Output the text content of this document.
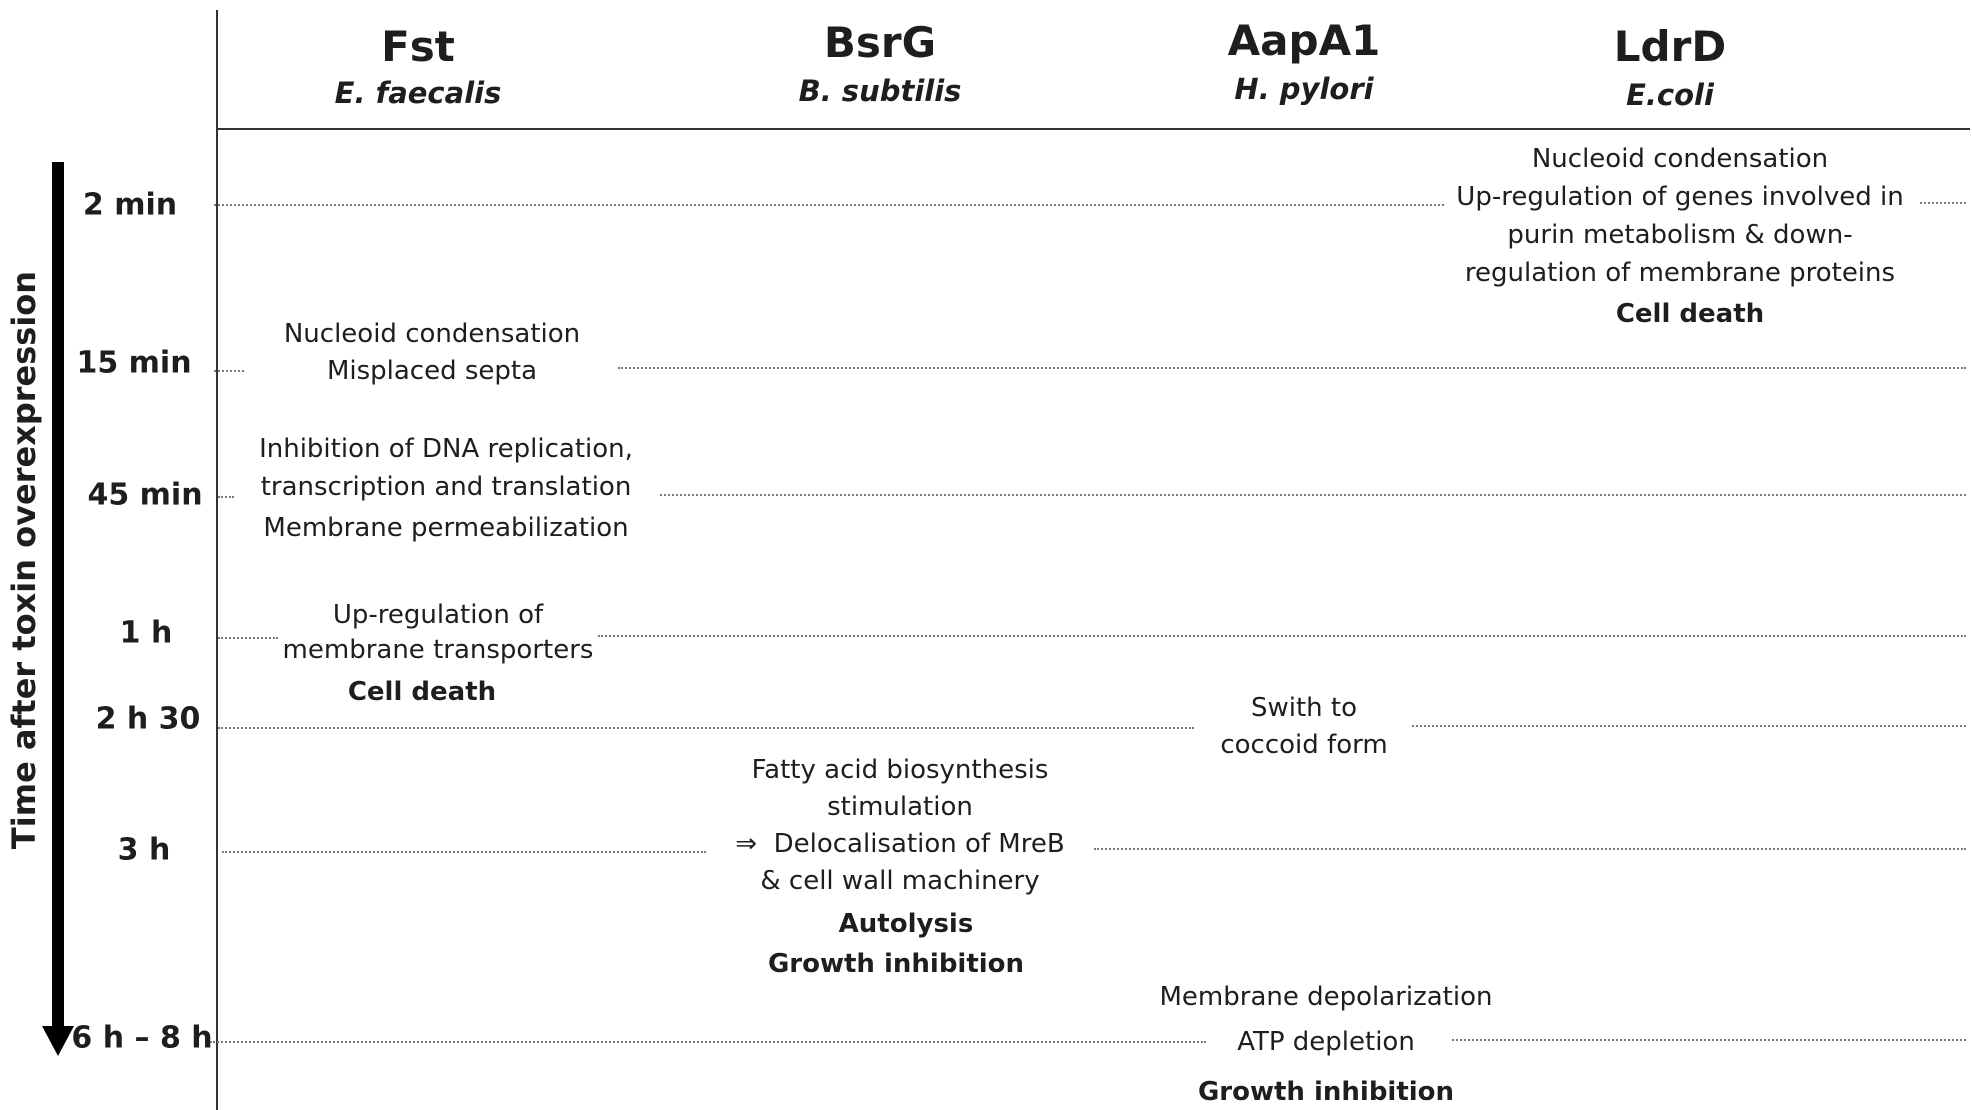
Fst
E. faecalis
BsrG
B. subtilis
AapA1
H. pylori
LdrD
E.coli
Time after toxin overexpression
2 min
15 min
45 min
1 h
2 h 30
3 h
6 h – 8 h
Nucleoid condensation
Up-regulation of genes involved in
purin metabolism & down-
regulation of membrane proteins
Cell death
Nucleoid condensation
Misplaced septa
Inhibition of DNA replication,
transcription and translation
Membrane permeabilization
Up-regulation of
membrane transporters
Cell death
Swith to
coccoid form
Fatty acid biosynthesis
stimulation
⇒  Delocalisation of MreB
& cell wall machinery
Autolysis
Growth inhibition
Membrane depolarization
ATP depletion
Growth inhibition
